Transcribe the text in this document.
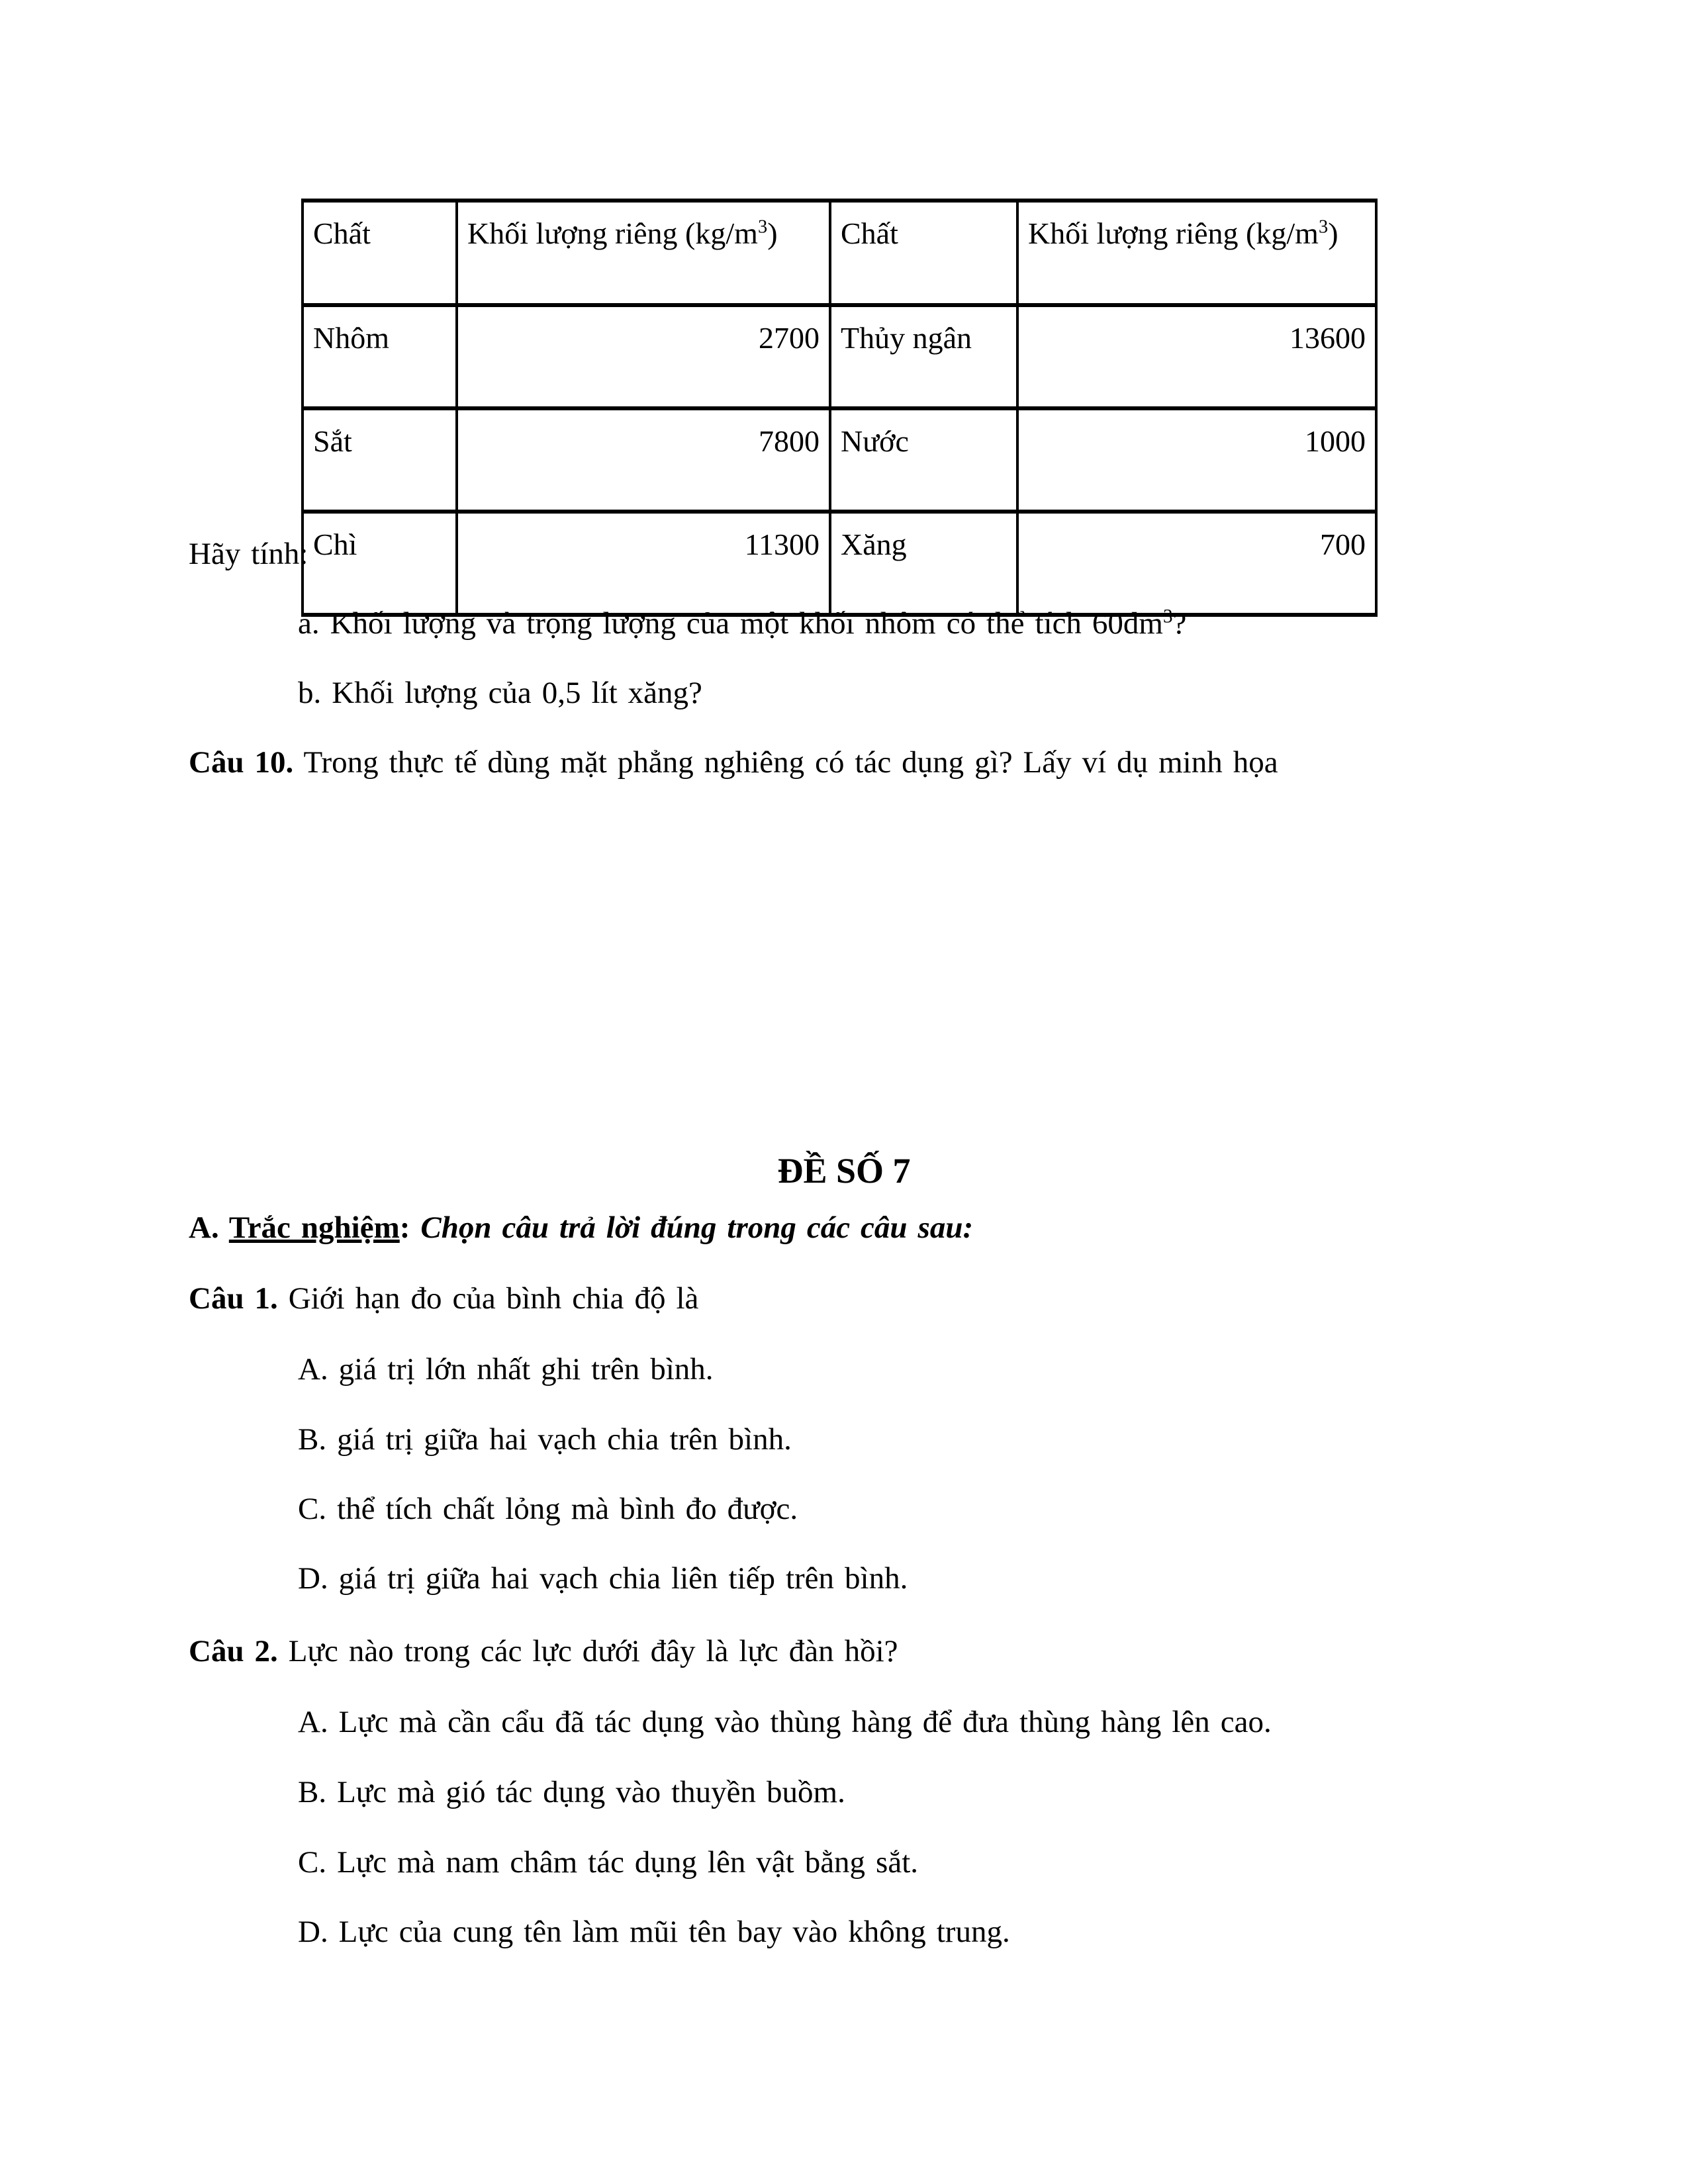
Chất	Khối lượng riêng $(kg/m^3)$	Chất	Khối lượng riêng $(kg/m^3)$
Nhôm	2700	Thủy ngân	13600
Sắt	7800	Nước	1000
Chì	11300	Xăng	700

Hãy tính:

a. Khối lượng và trọng lượng của một khối nhôm có thể tích $60dm^3$?

b. Khối lượng của 0,5 lít xăng?

Câu 10. Trong thực tế dùng mặt phẳng nghiêng có tác dụng gì? Lấy ví dụ minh họa

ĐỀ SỐ 7

A. Trắc nghiệm: Chọn câu trả lời đúng trong các câu sau:

Câu 1. Giới hạn đo của bình chia độ là

A. giá trị lớn nhất ghi trên bình.

B. giá trị giữa hai vạch chia trên bình.

C. thể tích chất lỏng mà bình đo được.

D. giá trị giữa hai vạch chia liên tiếp trên bình.

Câu 2. Lực nào trong các lực dưới đây là lực đàn hồi?

A. Lực mà cần cẩu đã tác dụng vào thùng hàng để đưa thùng hàng lên cao.

B. Lực mà gió tác dụng vào thuyền buồm.

C. Lực mà nam châm tác dụng lên vật bằng sắt.

D. Lực của cung tên làm mũi tên bay vào không trung.
